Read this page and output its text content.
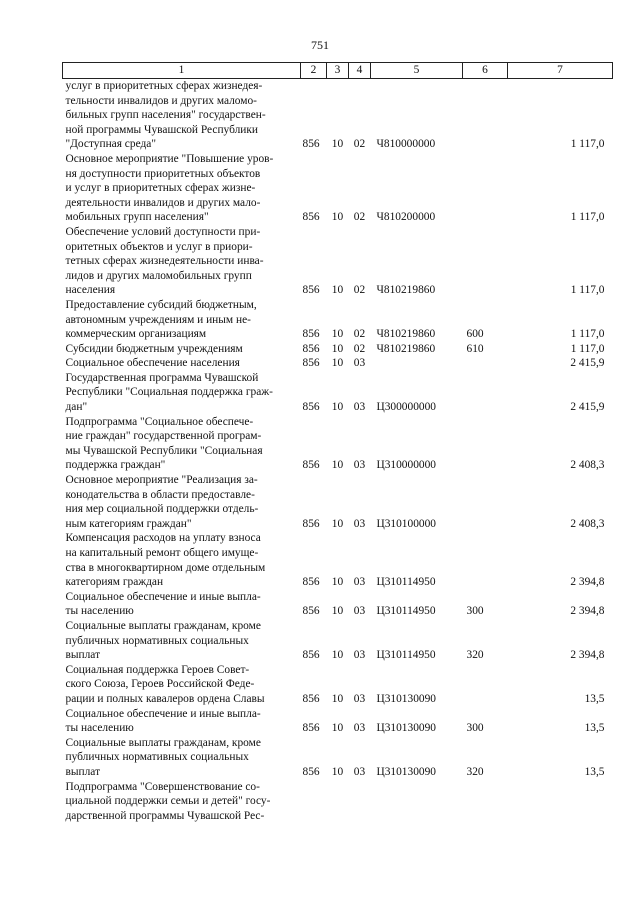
751
1	2	3	4	5	6	7

услуг в приоритетных сферах жизнедея-
тельности инвалидов и других маломо-
бильных групп населения" государствен-
ной программы Чувашской Республики
"Доступная среда"	856	10	02	Ч810000000		1 117,0

Основное мероприятие "Повышение уров-
ня доступности приоритетных объектов
и услуг в приоритетных сферах жизне-
деятельности инвалидов и других мало-
мобильных групп населения"	856	10	02	Ч810200000		1 117,0

Обеспечение условий доступности при-
оритетных объектов и услуг в приори-
тетных сферах жизнедеятельности инва-
лидов и других маломобильных групп
населения	856	10	02	Ч810219860		1 117,0

Предоставление субсидий бюджетным,
автономным учреждениям и иным не-
коммерческим организациям	856	10	02	Ч810219860	600	1 117,0

Субсидии бюджетным учреждениям	856	10	02	Ч810219860	610	1 117,0

Социальное обеспечение населения	856	10	03			2 415,9

Государственная программа Чувашской
Республики "Социальная поддержка граж-
дан"	856	10	03	Ц300000000		2 415,9

Подпрограмма "Социальное обеспече-
ние граждан" государственной програм-
мы Чувашской Республики "Социальная
поддержка граждан"	856	10	03	Ц310000000		2 408,3

Основное мероприятие "Реализация за-
конодательства в области предоставле-
ния мер социальной поддержки отдель-
ным категориям граждан"	856	10	03	Ц310100000		2 408,3

Компенсация расходов на уплату взноса
на капитальный ремонт общего имуще-
ства в многоквартирном доме отдельным
категориям граждан	856	10	03	Ц310114950		2 394,8

Социальное обеспечение и иные выпла-
ты населению	856	10	03	Ц310114950	300	2 394,8

Социальные выплаты гражданам, кроме
публичных нормативных социальных
выплат	856	10	03	Ц310114950	320	2 394,8

Социальная поддержка Героев Совет-
ского Союза, Героев Российской Феде-
рации и полных кавалеров ордена Славы	856	10	03	Ц310130090		13,5

Социальное обеспечение и иные выпла-
ты населению	856	10	03	Ц310130090	300	13,5

Социальные выплаты гражданам, кроме
публичных нормативных социальных
выплат	856	10	03	Ц310130090	320	13,5

Подпрограмма "Совершенствование со-
циальной поддержки семьи и детей" госу-
дарственной программы Чувашской Рес-						
